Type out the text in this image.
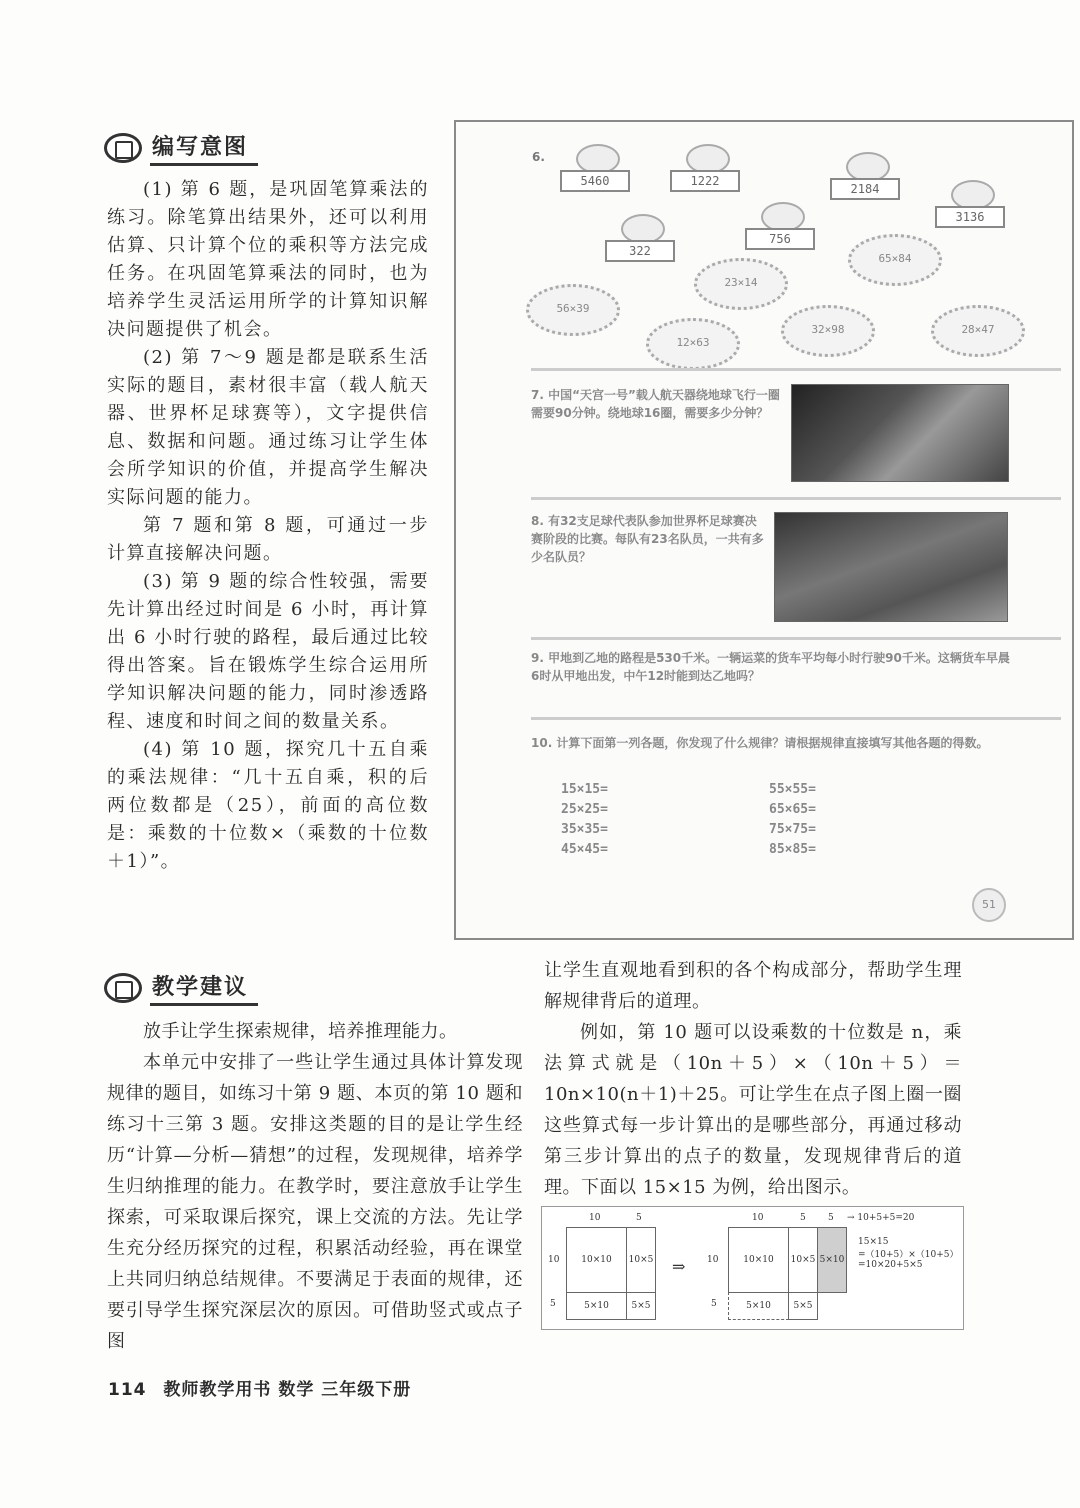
编写意图

(1) 第 6 题，是巩固笔算乘法的练习。除笔算出结果外，还可以利用估算、只计算个位的乘积等方法完成任务。在巩固笔算乘法的同时，也为培养学生灵活运用所学的计算知识解决问题提供了机会。

(2) 第 7～9 题是都是联系生活实际的题目，素材很丰富（载人航天器、世界杯足球赛等），文字提供信息、数据和问题。通过练习让学生体会所学知识的价值，并提高学生解决实际问题的能力。

第 7 题和第 8 题，可通过一步计算直接解决问题。

(3) 第 9 题的综合性较强，需要先计算出经过时间是 6 小时，再计算出 6 小时行驶的路程，最后通过比较得出答案。旨在锻炼学生综合运用所学知识解决问题的能力，同时渗透路程、速度和时间之间的数量关系。

(4) 第 10 题，探究几十五自乘的乘法规律：“几十五自乘，积的后两位数都是（25），前面的高位数是：乘数的十位数×（乘数的十位数＋1）”。

6.
5460	1222
2184
3136
756
322
23×14
65×84
56×39
12×63
32×98	28×47
7. 中国“天宫一号”载人航天器绕地球飞行一圈需要90分钟。绕地球16圈，需要多少分钟？
8. 有32支足球代表队参加世界杯足球赛决赛阶段的比赛。每队有23名队员，一共有多少名队员？
9. 甲地到乙地的路程是530千米。一辆运菜的货车平均每小时行驶90千米。这辆货车早晨6时从甲地出发，中午12时能到达乙地吗？
10. 计算下面第一列各题，你发现了什么规律？请根据规律直接填写其他各题的得数。
15×15=
25×25=
35×35=
45×45=
55×55=
65×65=
75×75=
85×85=
51
教学建议

放手让学生探索规律，培养推理能力。

本单元中安排了一些让学生通过具体计算发现规律的题目，如练习十第 9 题、本页的第 10 题和练习十三第 3 题。安排这类题的目的是让学生经历“计算—分析—猜想”的过程，发现规律，培养学生归纳推理的能力。在教学时，要注意放手让学生探索，可采取课后探究，课上交流的方法。先让学生充分经历探究的过程，积累活动经验，再在课堂上共同归纳总结规律。不要满足于表面的规律，还要引导学生探究深层次的原因。可借助竖式或点子图

让学生直观地看到积的各个构成部分，帮助学生理解规律背后的道理。

例如，第 10 题可以设乘数的十位数是 n，乘法算式就是（10n＋5）×（10n＋5）＝10n×10(n＋1)＋25。可让学生在点子图上圈一圈这些算式每一步计算出的是哪些部分，再通过移动第三步计算出的点子的数量，发现规律背后的道理。下面以 15×15 为例，给出图示。

10	5
10
5
10×10	10×5
5×10	5×5
⇒
10	5 5 → 10+5+5=20
10
5
10×10	10×5 5×10
5×10	5×5
15×15
=（10+5）×（10+5）
=10×20+5×5
114 教师教学用书 数学 三年级下册
